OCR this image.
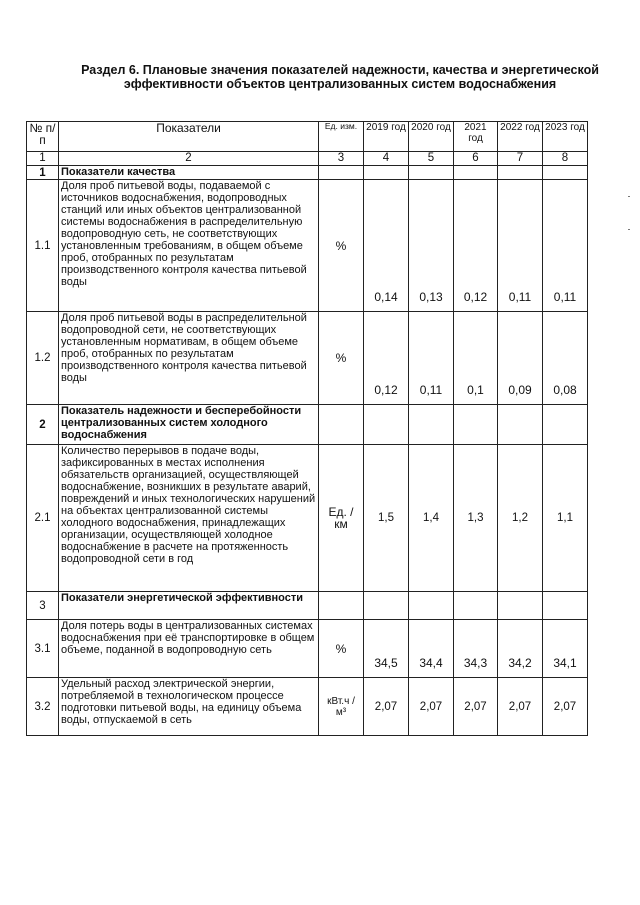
Раздел 6. Плановые значения показателей надежности, качества и энергетической эффективности объектов централизованных систем водоснабжения
№ п/п	Показатели	Ед. изм.	2019 год	2020 год	2021 год	2022 год	2023 год
1	2	3	4	5	6	7	8
1	Показатели качества						
1.1	Доля проб питьевой воды, подаваемой с источников водоснабжения, водопроводных станций или иных объектов централизованной системы водоснабжения в распределительную водопроводную сеть, не соответствующих установленным требованиям, в общем объеме проб, отобранных по результатам производственного контроля качества питьевой воды	%	0,14	0,13	0,12	0,11	0,11
1.2	Доля проб питьевой воды в распределительной водопроводной сети, не соответствующих установленным нормативам, в общем объеме проб, отобранных по результатам производственного контроля качества питьевой воды	%	0,12	0,11	0,1	0,09	0,08
2	Показатель надежности и бесперебойности централизованных систем холодного водоснабжения						
2.1	Количество перерывов в подаче воды, зафиксированных в местах исполнения обязательств организацией, осуществляющей водоснабжение, возникших в результате аварий, повреждений и иных технологических нарушений на объектах централизованной системы холодного водоснабжения, принадлежащих организации, осуществляющей холодное водоснабжение в расчете на протяженность водопроводной сети в год	Ед. / км	1,5	1,4	1,3	1,2	1,1
3	Показатели энергетической эффективности						
3.1	Доля потерь воды в централизованных системах водоснабжения при её транспортировке в общем объеме, поданной в водопроводную сеть	%	34,5	34,4	34,3	34,2	34,1
3.2	Удельный расход электрической энергии, потребляемой в технологическом процессе подготовки питьевой воды, на единицу объема воды, отпускаемой в сеть	кВт.ч / м³	2,07	2,07	2,07	2,07	2,07
